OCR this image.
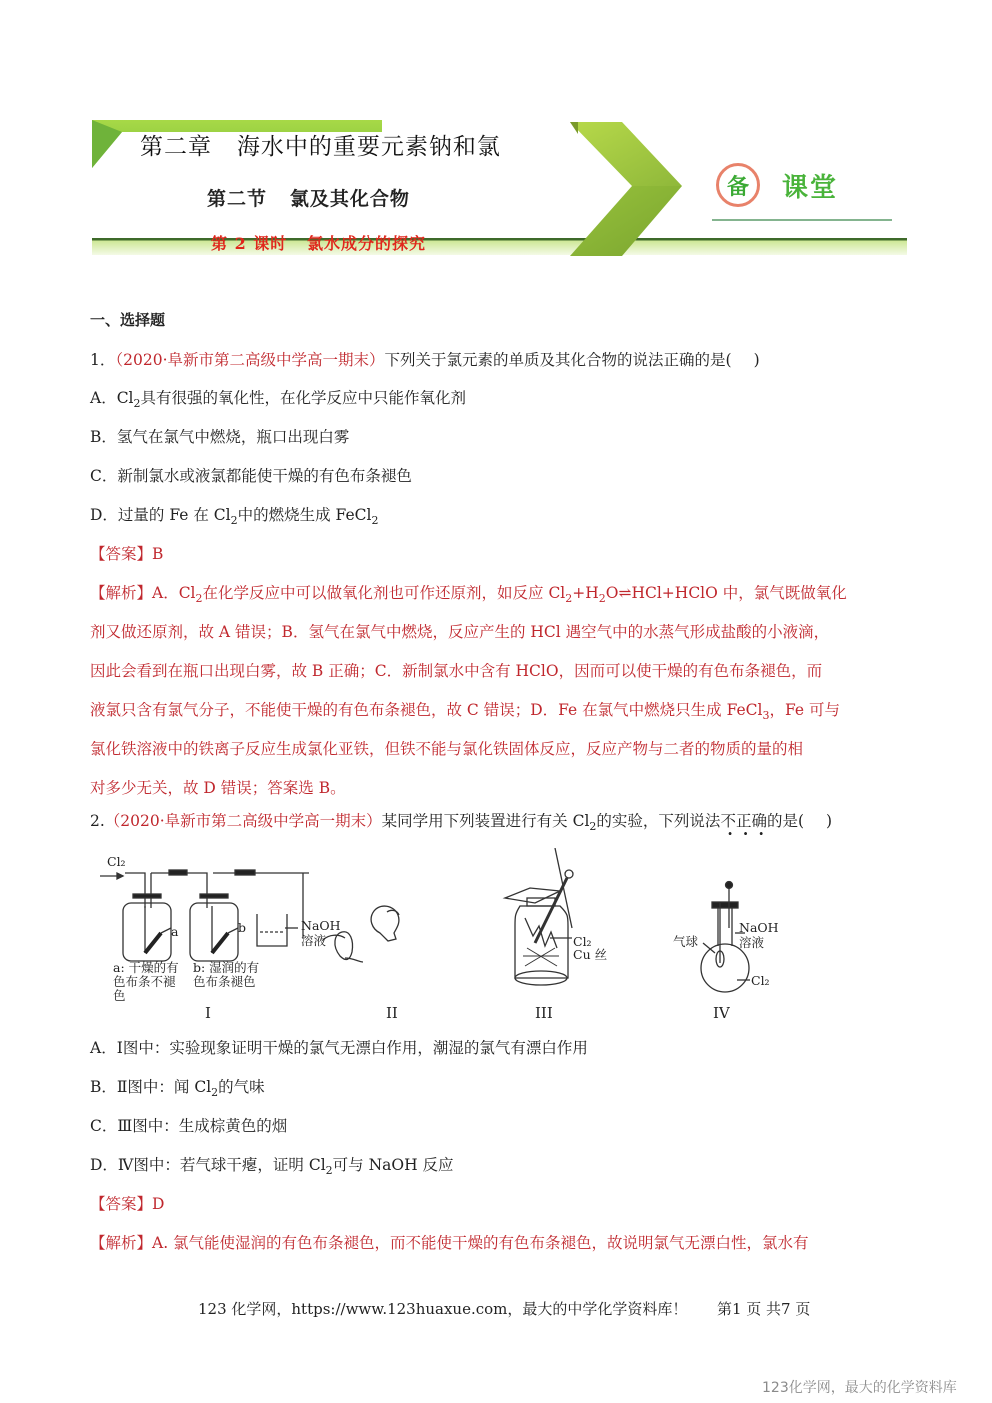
第二章   海水中的重要元素钠和氯
第二节   氯及其化合物
第 2 课时   氯水成分的探究
备	课堂
一、选择题
1．（2020·阜新市第二高级中学高一期末）下列关于氯元素的单质及其化合物的说法正确的是( )
A．$Cl_2$具有很强的氧化性，在化学反应中只能作氧化剂
B．氢气在氯气中燃烧，瓶口出现白雾
C．新制氯水或液氯都能使干燥的有色布条褪色
D．过量的 Fe 在 $Cl_2$中的燃烧生成 FeCl$_2$
【答案】B
【解析】A．$Cl_2$在化学反应中可以做氧化剂也可作还原剂，如反应 $Cl_2+H_2O\rightleftharpoons HCl+HClO$ 中，氯气既做氧化
剂又做还原剂，故 A 错误；B．氢气在氯气中燃烧，反应产生的 HCl 遇空气中的水蒸气形成盐酸的小液滴，
因此会看到在瓶口出现白雾，故 B 正确；C．新制氯水中含有 HClO，因而可以使干燥的有色布条褪色，而
液氯只含有氯气分子，不能使干燥的有色布条褪色，故 C 错误；D．Fe 在氯气中燃烧只生成 FeCl$_3$，Fe 可与
氯化铁溶液中的铁离子反应生成氯化亚铁，但铁不能与氯化铁固体反应，反应产物与二者的物质的量的相
对多少无关，故 D 错误；答案选 B。
2.（2020·阜新市第二高级中学高一期末）某同学用下列装置进行有关 $Cl_2$的实验，下列说法不正确的是( )
Cl₂
a	b	NaOH
溶液
a: 干燥的有
色布条不褪
色
b: 湿润的有
色布条褪色
Cl₂
Cu 丝
气球
NaOH
溶液
Cl₂
I	II	III	IV
A．Ⅰ图中：实验现象证明干燥的氯气无漂白作用，潮湿的氯气有漂白作用
B．Ⅱ图中：闻 $Cl_2$的气味
C．Ⅲ图中：生成棕黄色的烟
D．Ⅳ图中：若气球干瘪，证明 $Cl_2$可与 NaOH 反应
【答案】D
【解析】A. 氯气能使湿润的有色布条褪色，而不能使干燥的有色布条褪色，故说明氯气无漂白性，氯水有
123 化学网，https://www.123huaxue.com，最大的中学化学资料库！ 第1 页 共7 页
123化学网，最大的化学资料库
